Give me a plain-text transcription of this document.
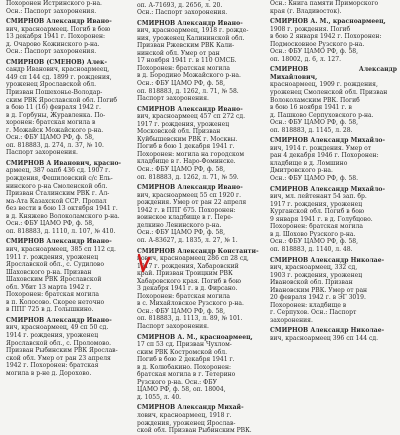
Похоронен Истринского р-на.

Осн.: Паспорт захоронения.

СМИРНОВ Александр Ивано-

вич, красноармеец. Погиб в бою

13 декабря 1941 г. Похоронен:

д. Очарово Кожинского р-на.

Осн.: Паспорт захоронения.

СМИРНОВ (СМЕНОВ) Алек-

сандр Иванович, красноармеец,

449 сп 144 сд. 1899 г. рождения,

уроженец Ярославской обл.

Призван Пошехонье-Володар-

ским РВК Ярославской обл. Погиб

в бою 11 (16) февраля 1942 г.

в д. Горбуны, Журавленка. По-

хоронен: братская могила в

г. Можайск Можайского р-на.

Осн.: ФБУ ЦАМО РФ, ф. 58,

оп. 818883, д. 274, л. 37, № 10.

Паспорт захоронения.

СМИРНОВ А Иванович, красно-

армеец, 387 оапб 436 сд. 1907 г.

рождения, Фешиловский с/с Ель-

нинского р-на Смоленской обл.

Призван Сталинским РВК г. Ал-

ма-Ата Казахской ССР. Пропал

без вести в бою 13 октября 1941 г.

в д. Княжево Волоколамского р-на.

Осн.: ФБУ ЦАМО РФ, ф. 58,

оп. 818883, д. 1110, л. 107, № 410.

СМИРНОВ Александр Ивано-

вич, красноармеец, 385 сп 112 сд.

1911 г. рождения, уроженец

Ярославской обл., с. Судилово

Шаховского р-на. Призван

Шаховским РВК Ярославской

обл. Убит 13 марта 1942 г.

Похоронен: братская могила

в п. Колосово. Скорее неточно

в ППГ 725 в д. Голышкино.

СМИРНОВ Александр Ивано-

вич, красноармеец, 49 сп 50 сд.

1914 г. рождения, уроженец

Ярославской обл., с. Проломово.

Призван Рыбинским РВК Ярослав-

ской обл. Умер от ран 23 апреля

1942 г. Похоронен: братская

могила в р-не д. Дорохово.

оп. А-71693, д. 2656, л. 20.

Осн.: Паспорт захоронения.

СМИРНОВ Александр Ивано-

вич, красноармеец, 1918 г. рожде-

ния, уроженец Калининской обл.

Призван Ржевским РВК Кали-

нинской обл. Умер от ран

17 ноября 1941 г. в 110 ОМСБ.

Похоронен: братская могила

в д. Бородино Можайского р-на.

Осн.: ФБУ ЦАМО РФ, ф. 58,

оп. 818883, д. 1262, л. 71, № 58.

Паспорт захоронения.

СМИРНОВ Александр Ивано-

вич, красноармеец 457 сп 272 сд.

1917 г. рождения, уроженец

Московской обл. Призван

Куйбышевским РВК г. Москвы.

Погиб в бою 1 декабря 1941 г.

Похоронен: могила на городском

кладбище в г. Наро-Фоминске.

Осн.: ФБУ ЦАМО РФ, ф. 58,

оп. 818883, д. 1262, л. 71, № 59.

СМИРНОВ Александр Ивано-

вич, красноармеец 55 сп 1920 г.

рождения. Умер от ран 22 апреля

1942 г. в ППГ 675. Похоронен:

воинское кладбище в г. Пере-

делкино Ленинского р-на.

Осн.: ФБУ ЦАМО РФ, ф. 58,

оп. А-83627, д. 1835, л. 27, № 1.

СМИРНОВ Александр Константи-

нович, красноармеец 286 сп 28 сд,

1917 г. рождения, Хабаровский

край. Призван Троицким РВК

Хабаровского края. Погиб в бою

3 декабря 1941 г. в д. Фирсано.

Похоронен: братская могила

в с. Михайловское Рузского р-на.

Осн.: ФБУ ЦАМО РФ, ф. 58,

оп. 818883, д. 1113, л. 89, № 101.

Паспорт захоронения.

СМИРНОВ А. М., красноармеец,

17 сп 53 сд. Призван Чухлом-

ским РВК Костромской обл.

Погиб в бою 2 декабря 1941 г.

в д. Колюбакино. Похоронен:

братская могила в г. Тетерино

Рузского р-на. Осн.: ФБУ

ЦАМО РФ, ф. 58, оп. 18004,

д. 1055, л. 40.

СМИРНОВ Александр Михай-

лович, красноармеец, 1918 г.

рождения, уроженец Ярослав-

ской обл. Призван Рыбинским РВК.

Осн.: Книга памяти Приморского

края (г. Владивосток).

СМИРНОВ А. М., красноармеец,

1908 г. рождения. Погиб

в бою 2 января 1942 г. Похоронен:

Подмосковное Рузского р-на.

Осн.: ФБУ ЦАМО РФ, ф. 58,

оп. 18002, д. 6, л. 127.

СМИРНОВ Александр Михайлович,

красноармеец, 1909 г. рождения,

уроженец Смоленской обл. Призван

Волоколамским РВК. Погиб

в бою 16 ноября 1941 г. в

д. Пашково Серпуховского р-на.

Осн.: ФБУ ЦАМО РФ, ф. 58,

оп. 818883, д. 1145, л. 28.

СМИРНОВ Александр Михайло-

вич, 1914 г. рождения. Умер от

ран 4 декабря 1946 г. Похоронен:

кладбище в д. Ломшино

Дмитровского р-на.

Осн.: ФБУ ЦАМО РФ, ф. 58.

СМИРНОВ Александр Михайло-

вич, мл. лейтенант 54 зап. бр.

1917 г. рождения, уроженец

Курганской обл. Погиб в бою

9 января 1941 г. в д. Голубцово.

Похоронен: братская могила

в д. Шохово Рузского р-на.

Осн.: ФБУ ЦАМО РФ, ф. 58,

оп. 818883, д. 1140, л. 48.

СМИРНОВ Александр Николае-

вич, красноармеец, 332 сд,

1903 г. рождения, уроженец

Ивановской обл. Призван

Ивановским РВК. Умер от ран

20 февраля 1942 г. в ЭГ 3019.

Похоронен: кладбище в

г. Серпухов. Осн.: Паспорт

захоронения.

СМИРНОВ Александр Николае-

вич, красноармеец 396 сп 144 сд.
